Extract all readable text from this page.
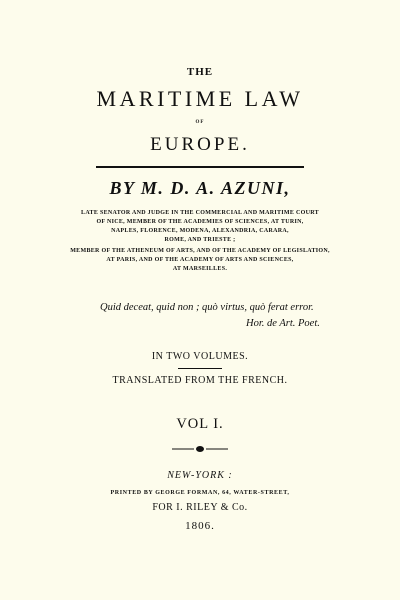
THE
MARITIME LAW
OF
EUROPE.
BY M. D. A. AZUNI,
LATE SENATOR AND JUDGE IN THE COMMERCIAL AND MARITIME COURT
OF NICE, MEMBER OF THE ACADEMIES OF SCIENCES, AT TURIN,
NAPLES, FLORENCE, MODENA, ALEXANDRIA, CARARA,
ROME, AND TRIESTE ;
MEMBER OF THE ATHENEUM OF ARTS, AND OF THE ACADEMY OF LEGISLATION,
AT PARIS, AND OF THE ACADEMY OF ARTS AND SCIENCES,
AT MARSEILLES.
Quid deceat, quid non ; quò virtus, quò ferat error.
Hor. de Art. Poet.
IN TWO VOLUMES.
TRANSLATED FROM THE FRENCH.
VOL I.
NEW-YORK :
PRINTED BY GEORGE FORMAN, 64, WATER-STREET,
FOR I. RILEY & Co.
1806.
